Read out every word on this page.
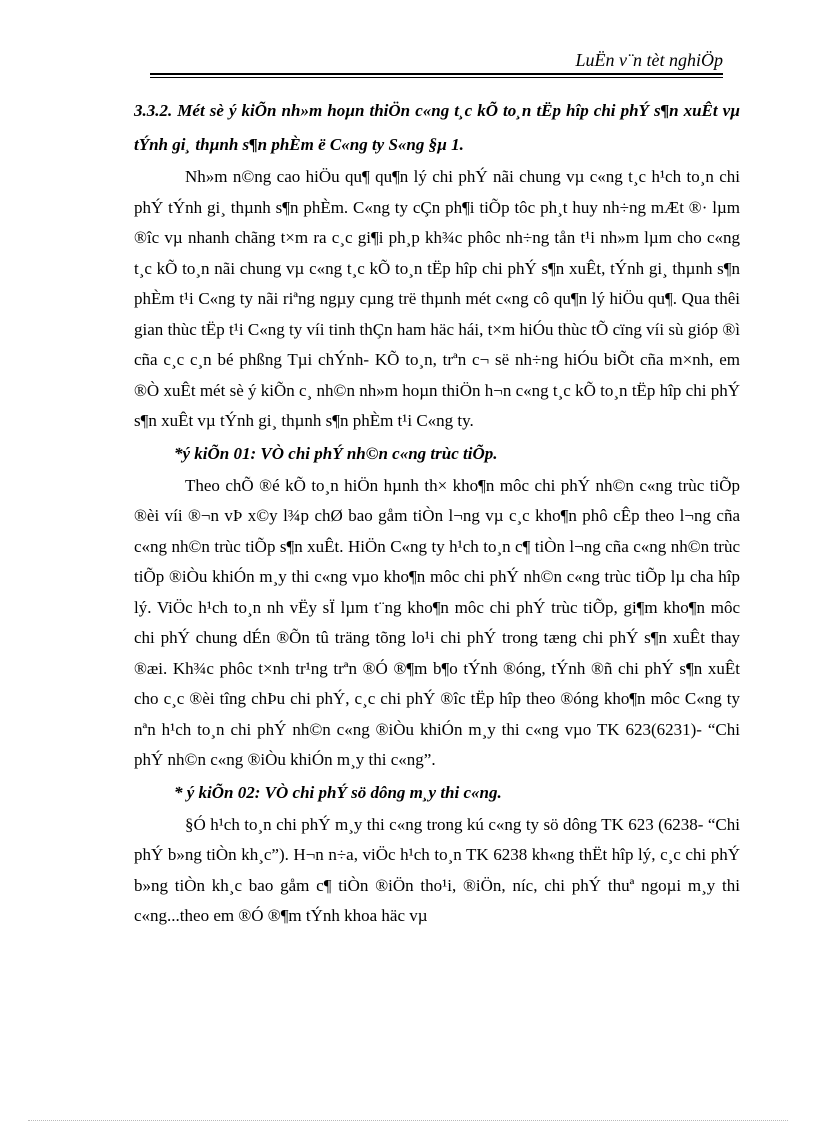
LuËn v¨n tèt nghiÖp

3.3.2. Mét sè ý kiÕn nh»m hoµn thiÖn c«ng t¸c kÕ to¸n tËp hîp chi phÝ s¶n xuÊt vµ tÝnh gi¸ thµnh s¶n phÈm ë C«ng ty S«ng §µ 1.

Nh»m n©ng cao hiÖu qu¶ qu¶n lý chi phÝ nãi chung vµ c«ng t¸c h¹ch to¸n chi phÝ tÝnh gi¸ thµnh s¶n phÈm. C«ng ty cÇn ph¶i tiÕp tôc ph¸t huy nh÷ng mÆt ®· lµm ®îc vµ nhanh chãng t×m ra c¸c gi¶i ph¸p kh¾c phôc nh÷ng tån t¹i nh»m lµm cho c«ng t¸c kÕ to¸n nãi chung vµ c«ng t¸c kÕ to¸n tËp hîp chi phÝ s¶n xuÊt, tÝnh gi¸ thµnh s¶n phÈm t¹i C«ng ty nãi riªng ngµy cµng trë thµnh mét c«ng cô qu¶n lý hiÖu qu¶. Qua thêi gian thùc tËp t¹i C«ng ty víi tinh thÇn ham häc hái, t×m hiÓu thùc tÕ cïng víi sù gióp ®ì cña c¸c c¸n bé phßng Tµi chÝnh- KÕ to¸n, trªn c¬ së nh÷ng hiÓu biÕt cña m×nh, em ®Ò xuÊt mét sè ý kiÕn c¸ nh©n nh»m hoµn thiÖn h¬n c«ng t¸c kÕ to¸n tËp hîp chi phÝ s¶n xuÊt vµ tÝnh gi¸ thµnh s¶n phÈm t¹i C«ng ty.

*ý kiÕn 01: VÒ chi phÝ nh©n c«ng trùc tiÕp.

Theo chÕ ®é kÕ to¸n hiÖn hµnh th× kho¶n môc chi phÝ nh©n c«ng trùc tiÕp ®èi víi ®¬n vÞ x©y l¾p chØ bao gåm tiÒn l¬ng vµ c¸c kho¶n phô cÊp theo l¬ng cña c«ng nh©n trùc tiÕp s¶n xuÊt. HiÖn C«ng ty h¹ch to¸n c¶ tiÒn l¬ng cña c«ng nh©n trùc tiÕp ®iÒu khiÓn m¸y thi c«ng vµo kho¶n môc chi phÝ nh©n c«ng trùc tiÕp lµ cha hîp lý. ViÖc h¹ch to¸n nh vËy sÏ lµm t¨ng kho¶n môc chi phÝ trùc tiÕp, gi¶m kho¶n môc chi phÝ chung dÉn ®Õn tû träng tõng lo¹i chi phÝ trong tæng chi phÝ s¶n xuÊt thay ®æi. Kh¾c phôc t×nh tr¹ng trªn ®Ó ®¶m b¶o tÝnh ®óng, tÝnh ®ñ chi phÝ s¶n xuÊt cho c¸c ®èi tîng chÞu chi phÝ, c¸c chi phÝ ®îc tËp hîp theo ®óng kho¶n môc C«ng ty nªn h¹ch to¸n chi phÝ nh©n c«ng ®iÒu khiÓn m¸y thi c«ng vµo TK 623(6231)- “Chi phÝ nh©n c«ng ®iÒu khiÓn m¸y thi c«ng”.

* ý kiÕn 02: VÒ chi phÝ sö dông m¸y thi c«ng.

§Ó h¹ch to¸n chi phÝ m¸y thi c«ng trong kú c«ng ty sö dông TK 623 (6238- “Chi phÝ b»ng tiÒn kh¸c”). H¬n n÷a, viÖc h¹ch to¸n TK 6238 kh«ng thËt hîp lý, c¸c chi phÝ b»ng tiÒn kh¸c bao gåm c¶ tiÒn ®iÖn tho¹i, ®iÖn, níc, chi phÝ thuª ngoµi m¸y thi c«ng...theo em ®Ó ®¶m tÝnh khoa häc vµ
